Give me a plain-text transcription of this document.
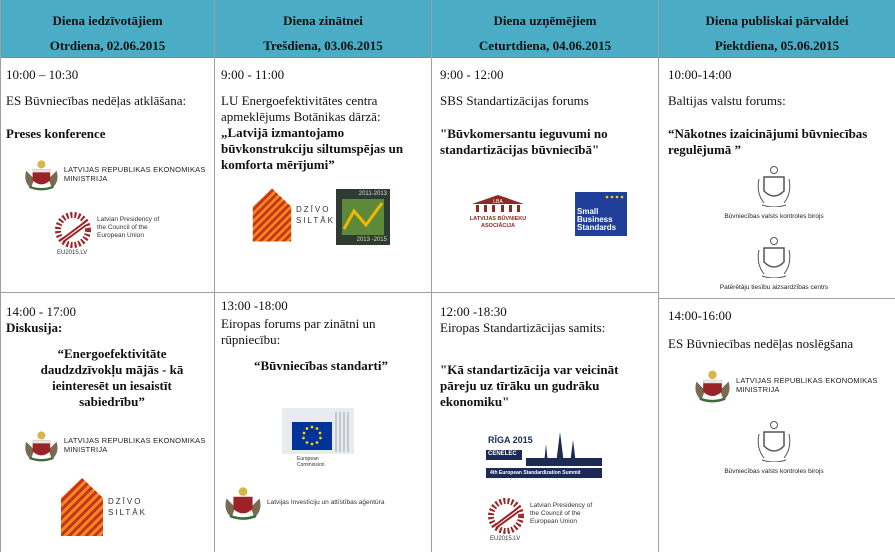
Diena iedzīvotājiem
Otrdiena, 02.06.2015
10:00 – 10:30
ES Būvniecības nedēļas atklāšana:
Preses konference
LATVIJAS REPUBLIKAS EKONOMIKAS MINISTRIJA
Latvian Presidency of the Council of the European Union
EU2015.LV
14:00 - 17:00
Diskusija:
“Energoefektivitāte daudzdzīvokļu mājās - kā ieinteresēt un iesaistīt sabiedrību”
LATVIJAS REPUBLIKAS EKONOMIKAS MINISTRIJA
DZĪVO SILTĀK
Diena zinātnei
Trešdiena, 03.06.2015
9:00 - 11:00
LU Energoefektivitātes centra apmeklējums Botānikas dārzā:
„Latvijā izmantojamo būvkonstrukciju siltumspējas un komforta mērījumi”
DZĪVO SILTĀK
2011-2013
2013 -2015
13:00 -18:00
Eiropas forums par zinātni un rūpniecību:
“Būvniecības standarti”
European Commission
Latvijas Investīciju un attīstības aģentūra
Diena uzņēmējiem
Ceturtdiena, 04.06.2015
9:00 - 12:00
SBS Standartizācijas forums
"Būvkomersantu ieguvumi no standartizācijas būvniecībā"
LBA
LATVIJAS BŪVNIEKU ASOCIĀCIJA
Small Business Standards
12:00 -18:30
Eiropas Standartizācijas samits:
"Kā standartizācija var veicināt pāreju uz tīrāku un gudrāku ekonomiku"
RĪGA 2015
CENELEC
4th European Standardization Summit
Latvian Presidency of the Council of the European Union
EU2015.LV
Diena publiskai pārvaldei
Piektdiena, 05.06.2015
10:00-14:00
Baltijas valstu forums:
“Nākotnes izaicinājumi būvniecības regulējumā ”
Būvniecības valsts kontroles birojs
Patērētāju tiesību aizsardzības centrs
14:00-16:00
ES Būvniecības nedēļas noslēgšana
LATVIJAS REPUBLIKAS EKONOMIKAS MINISTRIJA
Būvniecības valsts kontroles birojs
